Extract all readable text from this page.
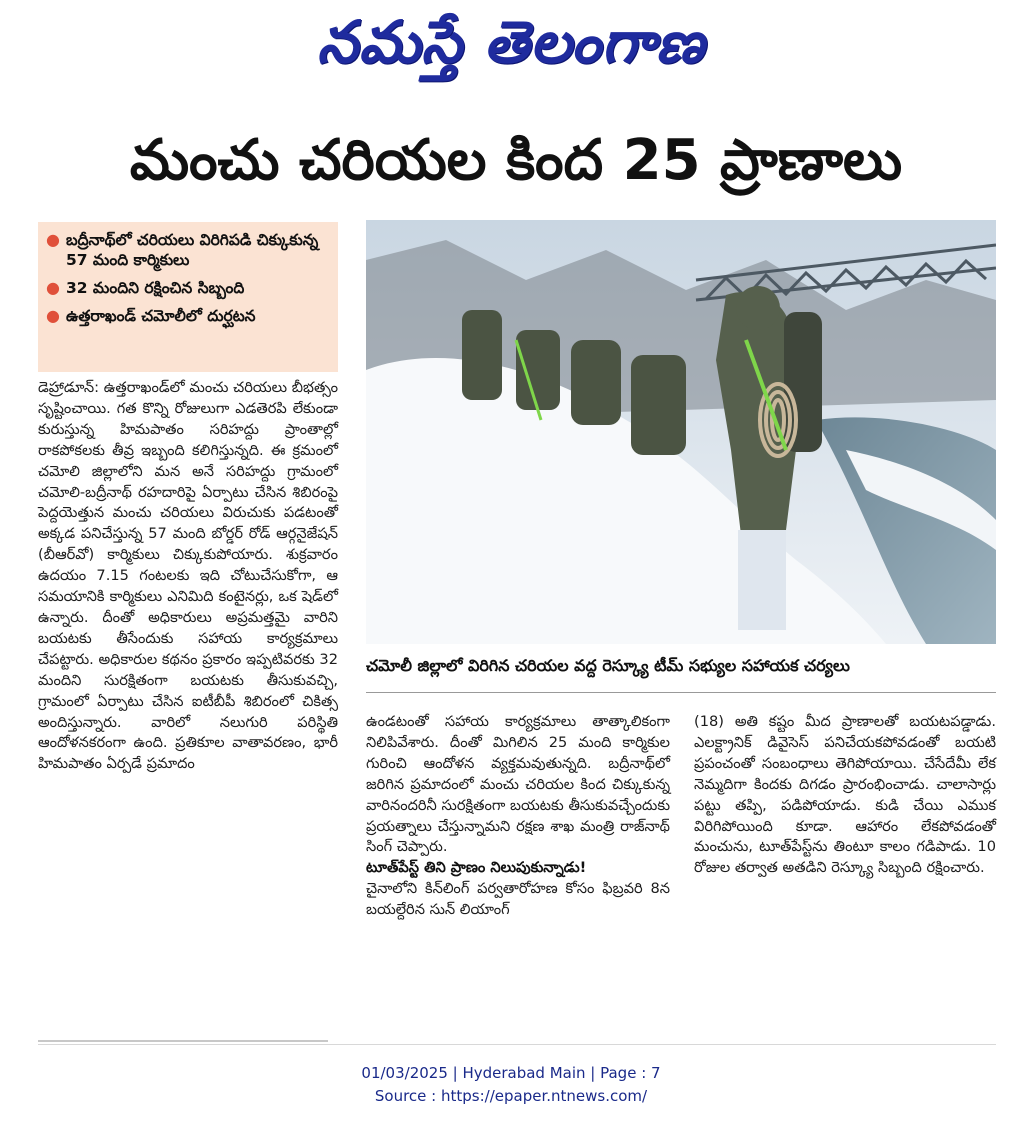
నమస్తే తెలంగాణ
మంచు చరియల కింద 25 ప్రాణాలు
● బద్రీనాథ్‌లో చరియలు విరిగిపడి చిక్కుకున్న 57 మంది కార్మికులు
● 32 మందిని రక్షించిన సిబ్బంది
● ఉత్తరాఖండ్ చమోలీలో దుర్ఘటన
చమోలీ జిల్లాలో విరిగిన చరియల వద్ద రెస్క్యూ టీమ్ సభ్యుల సహాయక చర్యలు

డెహ్రాడూన్: ఉత్తరాఖండ్‌లో మంచు చరియలు బీభత్సం సృష్టించాయి. గత కొన్ని రోజులుగా ఎడతెరపి లేకుండా కురుస్తున్న హిమపాతం సరిహద్దు ప్రాంతాల్లో రాకపోకలకు తీవ్ర ఇబ్బంది కలిగిస్తున్నది. ఈ క్రమంలో చమోలి జిల్లాలోని మన అనే సరిహద్దు గ్రామంలో చమోలి-బద్రీనాథ్ రహదారిపై ఏర్పాటు చేసిన శిబిరంపై పెద్దయెత్తున మంచు చరియలు విరుచుకు పడటంతో అక్కడ పనిచేస్తున్న 57 మంది బోర్డర్ రోడ్ ఆర్గనైజేషన్ (బీఆర్‌వో) కార్మికులు చిక్కుకుపోయారు. శుక్రవారం ఉదయం 7.15 గంటలకు ఇది చోటుచేసుకోగా, ఆ సమయానికి కార్మికులు ఎనిమిది కంటైనర్లు, ఒక షెడ్‌లో ఉన్నారు. దీంతో అధికారులు అప్రమత్తమై వారిని బయటకు తీసేందుకు సహాయ కార్యక్రమాలు చేపట్టారు. అధికారుల కథనం ప్రకారం ఇప్పటివరకు 32 మందిని సురక్షితంగా బయటకు తీసుకువచ్చి, గ్రామంలో ఏర్పాటు చేసిన ఐటీబీపీ శిబిరంలో చికిత్స అందిస్తున్నారు. వారిలో నలుగురి పరిస్థితి ఆందోళనకరంగా ఉంది. ప్రతికూల వాతావరణం, భారీ హిమపాతం ఏర్పడే ప్రమాదం

ఉండటంతో సహాయ కార్యక్రమాలు తాత్కాలికంగా నిలిపివేశారు. దీంతో మిగిలిన 25 మంది కార్మికుల గురించి ఆందోళన వ్యక్తమవుతున్నది. బద్రీనాథ్‌లో జరిగిన ప్రమాదంలో మంచు చరియల కింద చిక్కుకున్న వారినందరినీ సురక్షితంగా బయటకు తీసుకువచ్చేందుకు ప్రయత్నాలు చేస్తున్నామని రక్షణ శాఖ మంత్రి రాజ్‌నాథ్ సింగ్ చెప్పారు.

టూత్‌పేస్ట్ తిని ప్రాణం నిలుపుకున్నాడు!

చైనాలోని కిన్‌లింగ్ పర్వతారోహణ కోసం ఫిబ్రవరి 8న బయల్దేరిన సున్ లియాంగ్

(18) అతి కష్టం మీద ప్రాణాలతో బయటపడ్డాడు. ఎలక్ట్రానిక్ డివైసెస్ పనిచేయకపోవడంతో బయటి ప్రపంచంతో సంబంధాలు తెగిపోయాయి. చేసేదేమీ లేక నెమ్మదిగా కిందకు దిగడం ప్రారంభించాడు. చాలాసార్లు పట్టు తప్పి, పడిపోయాడు. కుడి చేయి ఎముక విరిగిపోయింది కూడా. ఆహారం లేకపోవడంతో మంచును, టూత్‌పేస్ట్‌ను తింటూ కాలం గడిపాడు. 10 రోజుల తర్వాత అతడిని రెస్క్యూ సిబ్బంది రక్షించారు.

01/03/2025 | Hyderabad Main | Page : 7
Source : https://epaper.ntnews.com/
